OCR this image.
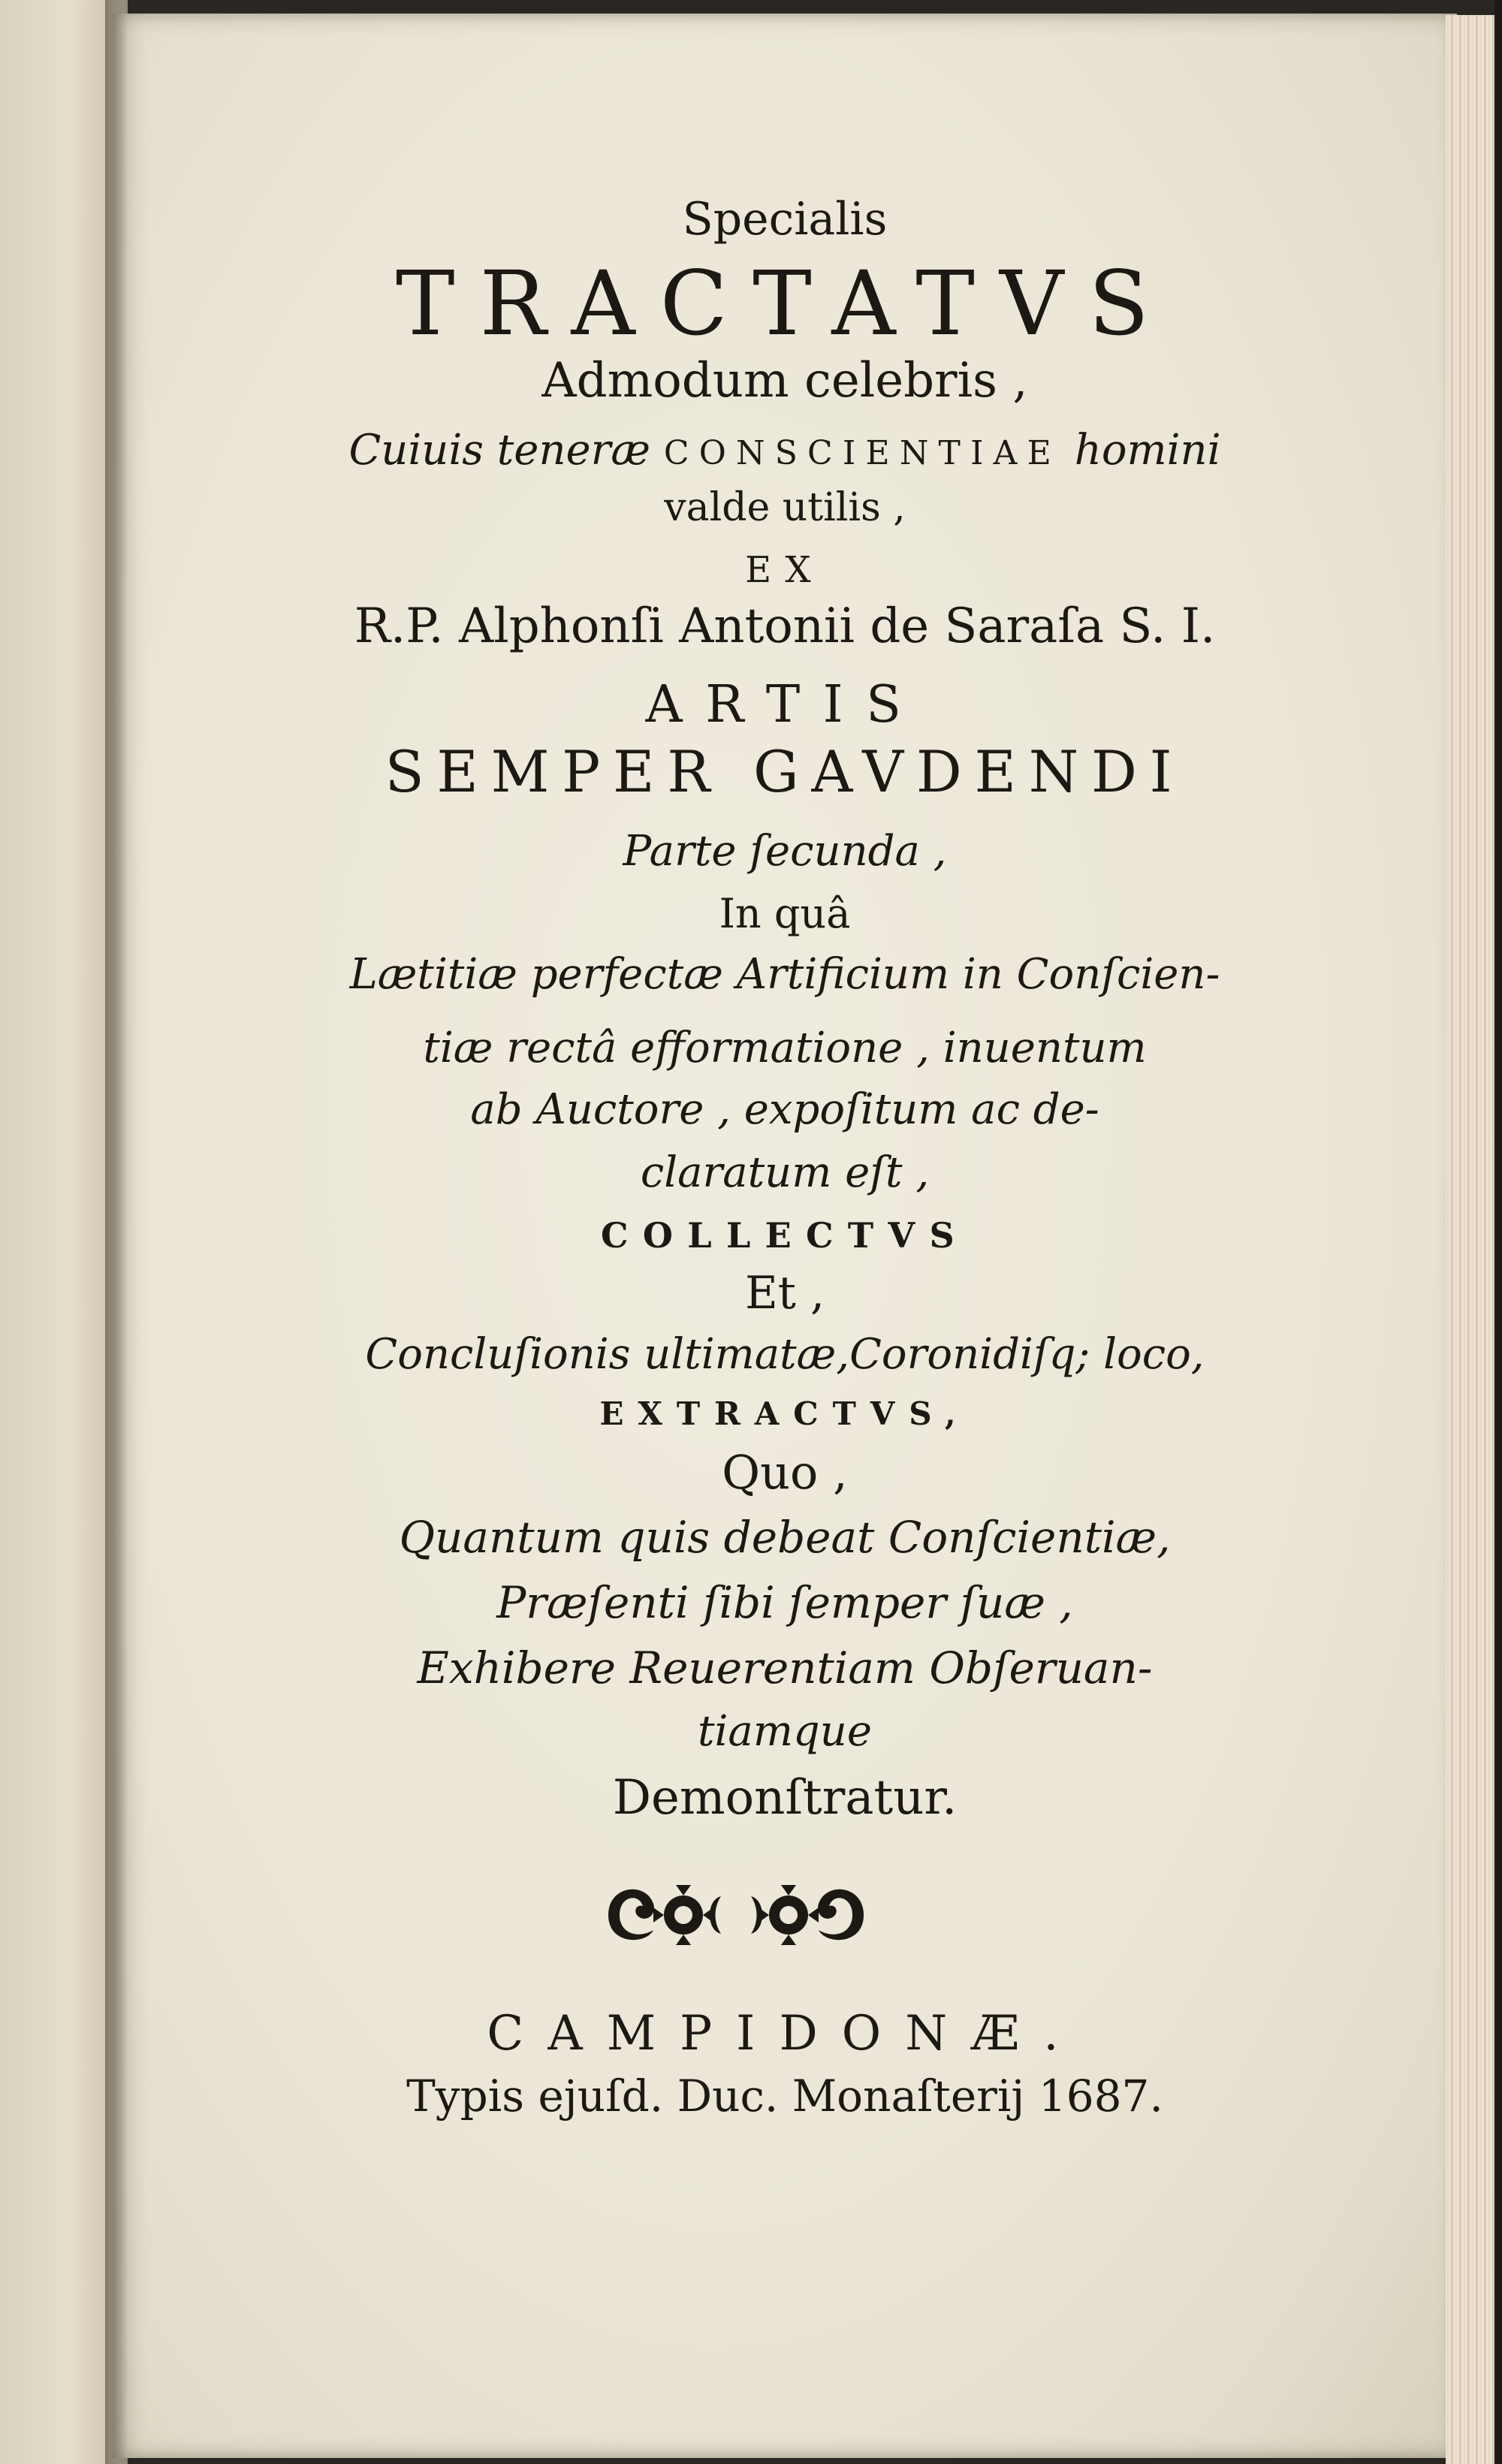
Specialis
TRACTATVS
Admodum celebris ,
Cuiuis teneræ CONSCIENTIAE homini
valde utilis ,
EX
R.P. Alphonſi Antonii de Saraſa S. I.
ARTIS
SEMPER GAVDENDI
Parte ſecunda ,
In quâ
Lætitiæ perfectæ Artificium in Conſcien-
tiæ rectâ efformatione , inuentum
ab Auctore , expoſitum ac de-
claratum eſt ,
COLLECTVS
Et ,
Concluſionis ultimatæ,Coronidiſq; loco,
EXTRACTVS,
Quo ,
Quantum quis debeat Conſcientiæ,
Præſenti ſibi ſemper ſuæ ,
Exhibere Reuerentiam Obſeruan-
tiamque
Demonſtratur.
CAMPIDONÆ.
Typis ejuſd. Duc. Monaſterij 1687.
